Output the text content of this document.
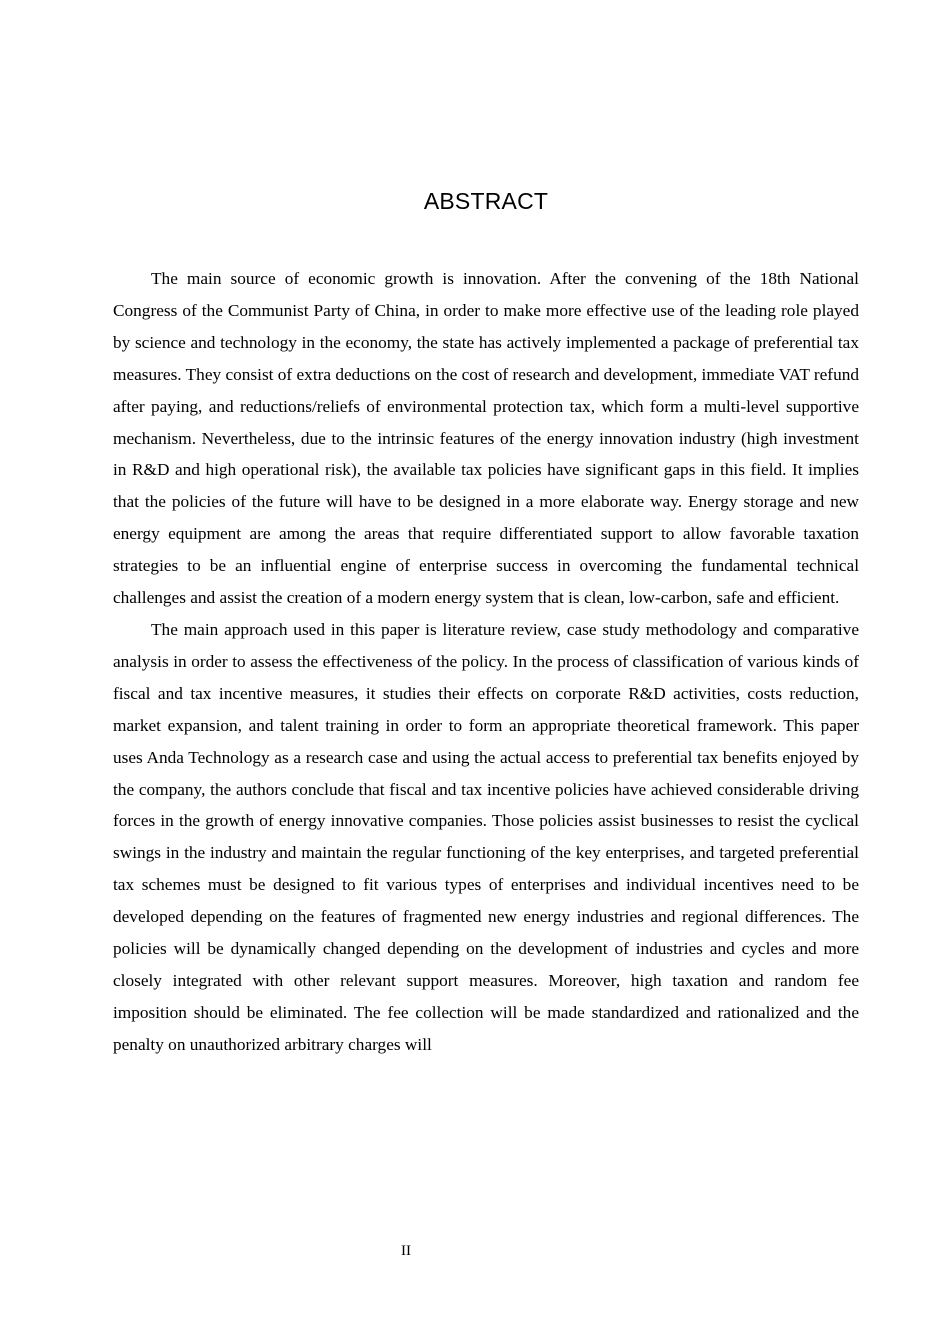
ABSTRACT

The main source of economic growth is innovation. After the convening of the 18th National Congress of the Communist Party of China, in order to make more effective use of the leading role played by science and technology in the economy, the state has actively implemented a package of preferential tax measures. They consist of extra deductions on the cost of research and development, immediate VAT refund after paying, and reductions/reliefs of environmental protection tax, which form a multi-level supportive mechanism. Nevertheless, due to the intrinsic features of the energy innovation industry (high investment in R&D and high operational risk), the available tax policies have significant gaps in this field. It implies that the policies of the future will have to be designed in a more elaborate way. Energy storage and new energy equipment are among the areas that require differentiated support to allow favorable taxation strategies to be an influential engine of enterprise success in overcoming the fundamental technical challenges and assist the creation of a modern energy system that is clean, low-carbon, safe and efficient.

The main approach used in this paper is literature review, case study methodology and comparative analysis in order to assess the effectiveness of the policy. In the process of classification of various kinds of fiscal and tax incentive measures, it studies their effects on corporate R&D activities, costs reduction, market expansion, and talent training in order to form an appropriate theoretical framework. This paper uses Anda Technology as a research case and using the actual access to preferential tax benefits enjoyed by the company, the authors conclude that fiscal and tax incentive policies have achieved considerable driving forces in the growth of energy innovative companies. Those policies assist businesses to resist the cyclical swings in the industry and maintain the regular functioning of the key enterprises, and targeted preferential tax schemes must be designed to fit various types of enterprises and individual incentives need to be developed depending on the features of fragmented new energy industries and regional differences. The policies will be dynamically changed depending on the development of industries and cycles and more closely integrated with other relevant support measures. Moreover, high taxation and random fee imposition should be eliminated. The fee collection will be made standardized and rationalized and the penalty on unauthorized arbitrary charges will

II
